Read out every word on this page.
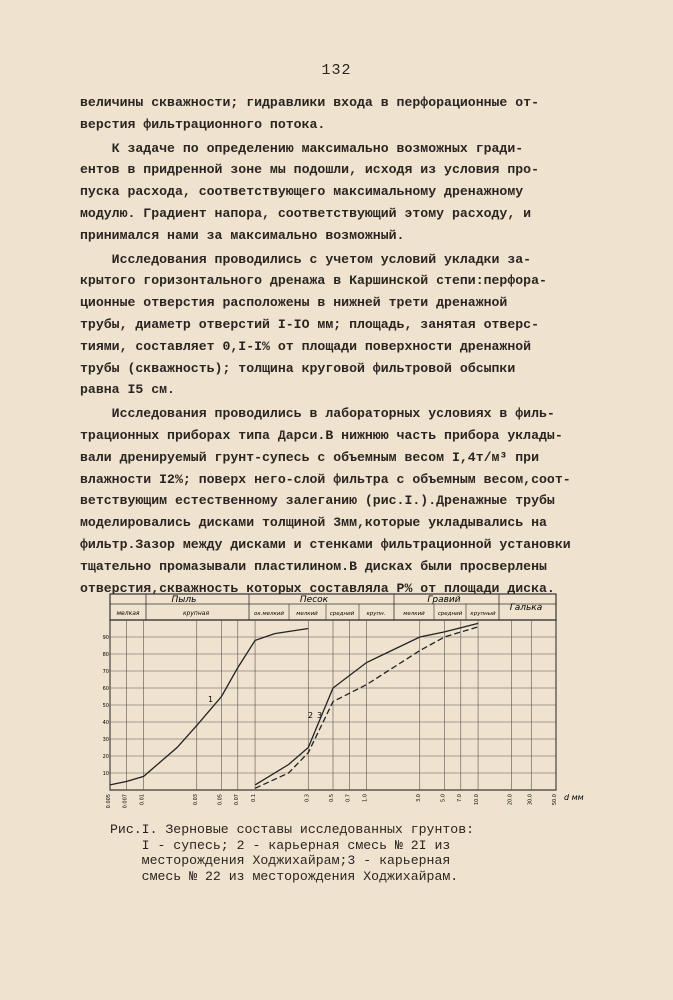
132

величины скважности; гидравлики входа в перфорационные от-
верстия фильтрационного потока.

К задаче по определению максимально возможных гради-
ентов в придренной зоне мы подошли, исходя из условия про-
пуска расхода, соответствующего максимальному дренажному
модулю. Градиент напора, соответствующий этому расходу, и
принимался нами за максимально возможный.

Исследования проводились с учетом условий укладки за-
крытого горизонтального дренажа в Каршинской степи:перфора-
ционные отверстия расположены в нижней трети дренажной
трубы, диаметр отверстий I-IO мм; площадь, занятая отверс-
тиями, составляет 0,I-I% от площади поверхности дренажной
трубы (скважность); толщина круговой фильтровой обсыпки
равна I5 см.

Исследования проводились в лабораторных условиях в филь-
трационных приборах типа Дарси.В нижнюю часть прибора уклады-
вали дренируемый грунт-супесь с объемным весом I,4т/м³ при
влажности I2%; поверх него-слой фильтра с объемным весом,соот-
ветствующим естественному залеганию (рис.I.).Дренажные трубы
моделировались дисками толщиной 3мм,которые укладывались на
фильтр.Зазор между дисками и стенками фильтрационной установки
тщательно промазывали пластилином.В дисках были просверлены
отверстия,скважность которых составляла Р% от площади диска.

Пыль	Песок	Гравий
Галька
мелкая	крупная	ок.мелкий мелкий средний крупн.	мелкий средний крупный
10
20
30
40
50
60
70
80
90
0.005 0.007 0.01	0.03	0.05 0.07 0.1	0.3	0.5 0.7 1.0	3.0	5.0 7.0 10.0	20.0	30.0	50.0 d мм
1
2 3
Рис.I. Зерновые составы исследованных грунтов:
I - супесь; 2 - карьерная смесь № 2I из
месторождения Ходжихайрам;3 - карьерная
смесь № 22 из месторождения Ходжихайрам.
